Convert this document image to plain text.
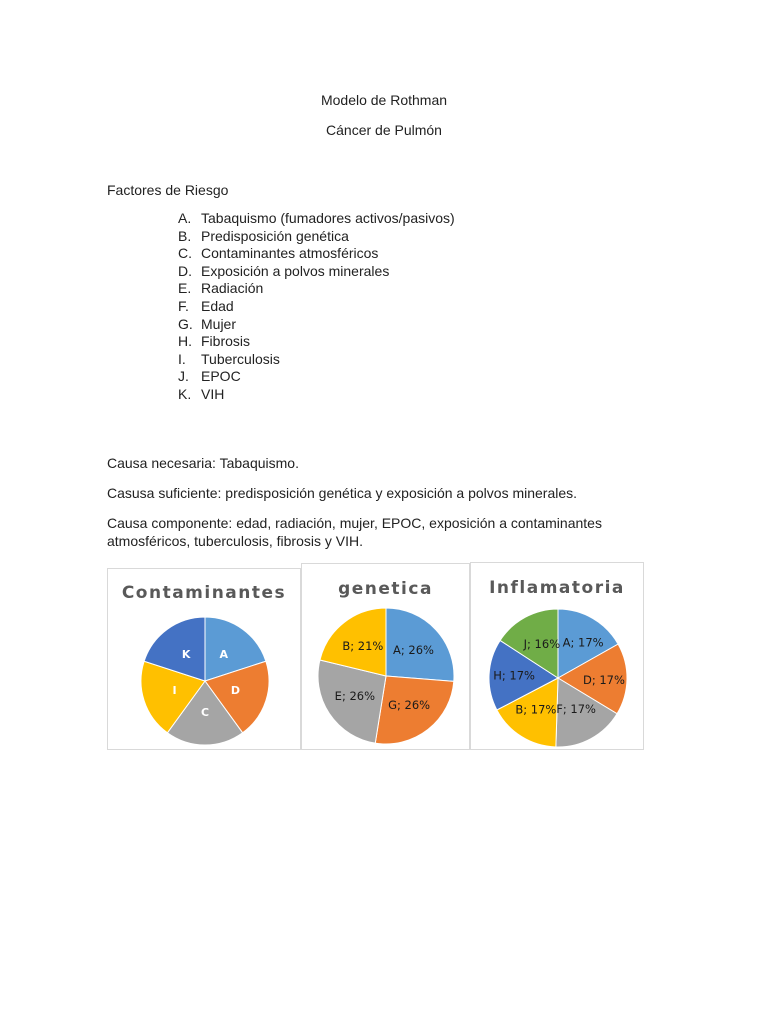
Modelo de Rothman
Cáncer de Pulmón
Factores de Riesgo
A. Tabaquismo (fumadores activos/pasivos)
B. Predisposición genética
C. Contaminantes atmosféricos
D. Exposición a polvos minerales
E. Radiación
F. Edad
G. Mujer
H. Fibrosis
I. Tuberculosis
J. EPOC
K. VIH
Causa necesaria: Tabaquismo.
Casusa suficiente: predisposición genética y exposición a polvos minerales.
Causa componente: edad, radiación, mujer, EPOC, exposición a contaminantes atmosféricos, tuberculosis, fibrosis y VIH.
Contaminantes
A
D
C
I
K
genetica
A; 26%
G; 26%
E; 26%
B; 21%
Inflamatoria
A; 17%
D; 17%
F; 17%
B; 17%
H; 17%
J; 16%
